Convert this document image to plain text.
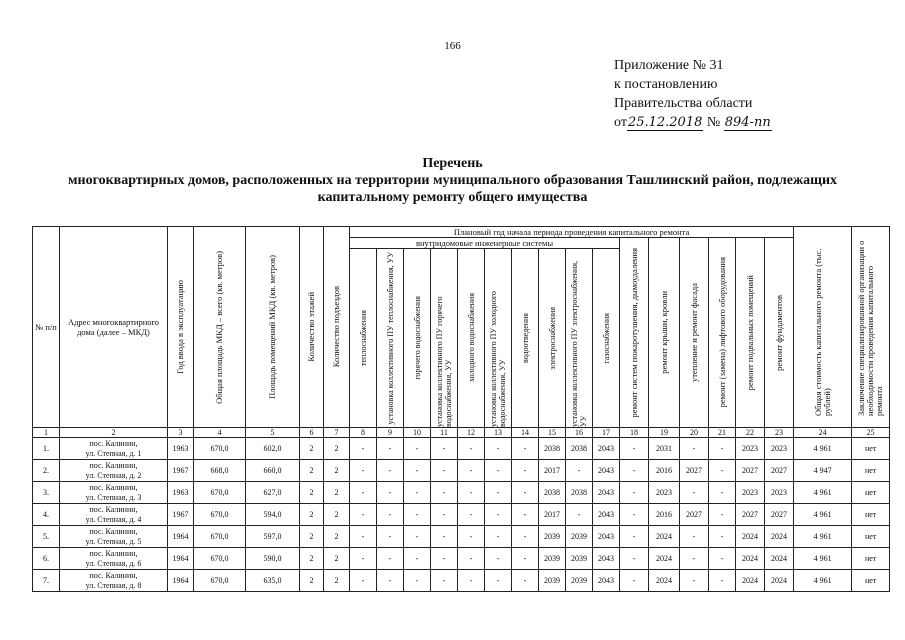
166
Приложение № 31
к постановлению
Правительства области
от25.12.2018 № 894-пп
Перечень
многоквартирных домов, расположенных на территории муниципального образования Ташлинский район, подлежащих
капитальному ремонту общего имущества
№ п/п	Адрес многоквартирного дома (далее – МКД)	Год ввода в эксплуатацию	Общая площадь МКД – всего (кв. метров)	Площадь помещений МКД (кв. метров)	Количество этажей	Количество подъездов	Плановый год начала периода проведения капитального ремонта																Общая стоимость капитального ремонта (тыс. рублей)	Заключение специализированной организации о необходимости проведения капитального ремонта

							внутридомовые инженерные системы										ремонт систем пожаротушения, дымоудаления	ремонт крыши, кровли	утепление и ремонт фасада	ремонт (замена) лифтового оборудования	ремонт подвальных помещений	ремонт фундаментов		

							теплоснабжения	установка коллективного ПУ теплоснабжения, УУ	горячего водоснабжения	установка коллективного ПУ горячего водоснабжения, УУ	холодного водоснабжения	установка коллективного ПУ холодного водоснабжения, УУ	водоотведения	электроснабжения	установка коллективного ПУ электроснабжения, УУ	газоснабжения								

1	2	3	4	5	6	7	8	9	10	11	12	13	14	15	16	17	18	19	20	21	22	23	24	25
1.	пос. Калинин,
ул. Степная, д. 1	1963	670,0	602,0	2	2	-	-	-	-	-	-	-	2038	2038	2043	-	2031	-	-	2023	2023	4 961	нет
2.	пос. Калинин,
ул. Степная, д. 2	1967	668,0	660,0	2	2	-	-	-	-	-	-	-	2017	-	2043	-	2016	2027	-	2027	2027	4 947	нет
3.	пос. Калинин,
ул. Степная, д. 3	1963	670,0	627,0	2	2	-	-	-	-	-	-	-	2038	2038	2043	-	2023	-	-	2023	2023	4 961	нет
4.	пос. Калинин,
ул. Степная, д. 4	1967	670,0	594,0	2	2	-	-	-	-	-	-	-	2017	-	2043	-	2016	2027	-	2027	2027	4 961	нет
5.	пос. Калинин,
ул. Степная, д. 5	1964	670,0	597,0	2	2	-	-	-	-	-	-	-	2039	2039	2043	-	2024	-	-	2024	2024	4 961	нет
6.	пос. Калинин,
ул. Степная, д. 6	1964	670,0	590,0	2	2	-	-	-	-	-	-	-	2039	2039	2043	-	2024	-	-	2024	2024	4 961	нет
7.	пос. Калинин,
ул. Степная, д. 8	1964	670,0	635,0	2	2	-	-	-	-	-	-	-	2039	2039	2043	-	2024	-	-	2024	2024	4 961	нет
